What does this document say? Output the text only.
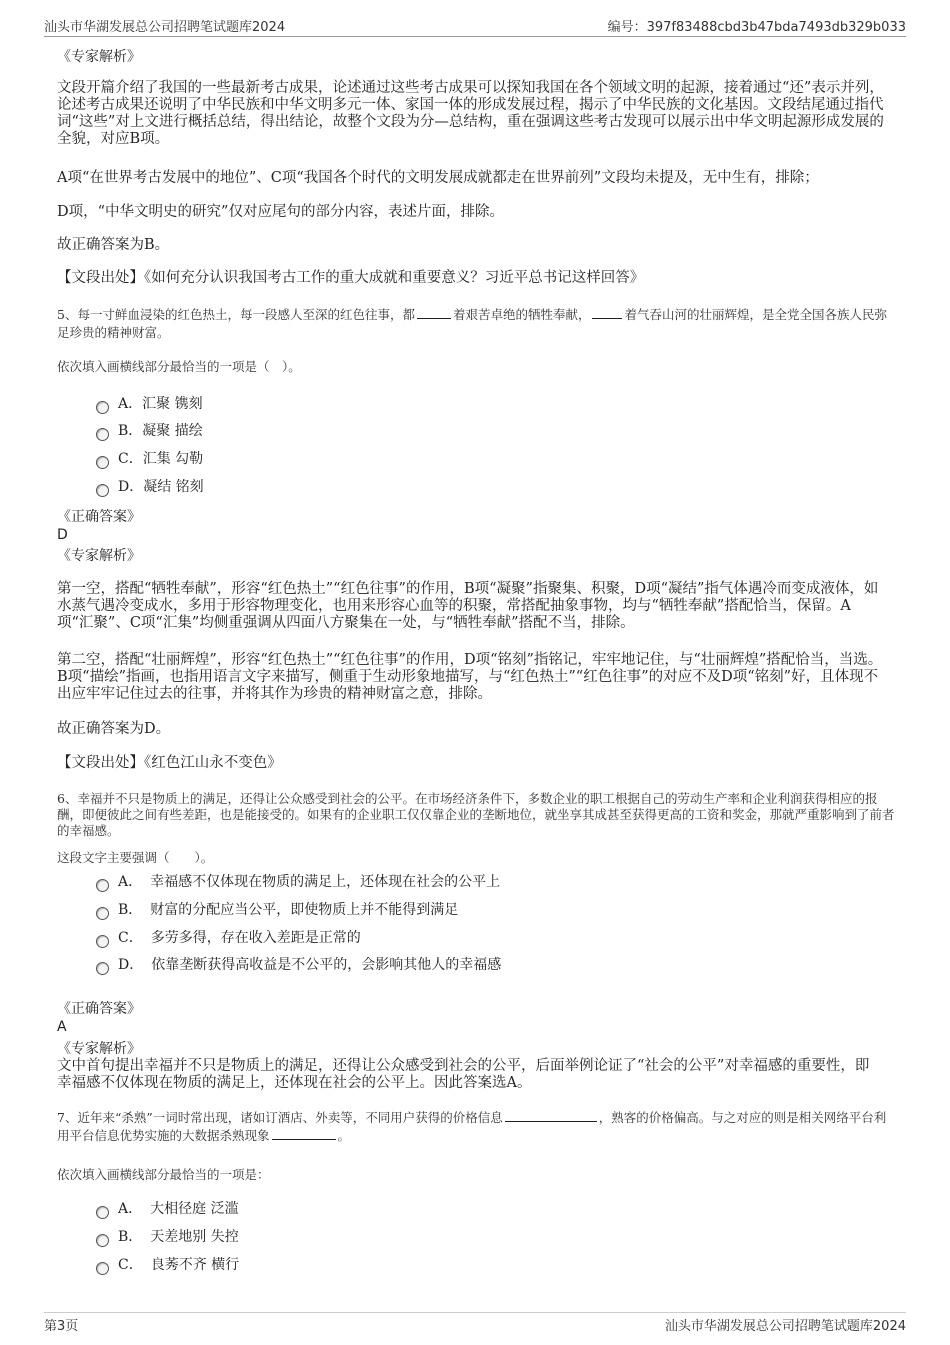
汕头市华湖发展总公司招聘笔试题库2024	编号：397f83488cbd3b47bda7493db329b033
《专家解析》
文段开篇介绍了我国的一些最新考古成果，论述通过这些考古成果可以探知我国在各个领域文明的起源，接着通过“还”表示并列，论述考古成果还说明了中华民族和中华文明多元一体、家国一体的形成发展过程，揭示了中华民族的文化基因。文段结尾通过指代词“这些”对上文进行概括总结，得出结论，故整个文段为分—总结构，重在强调这些考古发现可以展示出中华文明起源形成发展的全貌，对应B项。
A项“在世界考古发展中的地位”、C项“我国各个时代的文明发展成就都走在世界前列”文段均未提及，无中生有，排除；
D项，“中华文明史的研究”仅对应尾句的部分内容，表述片面，排除。
故正确答案为B。
【文段出处】《如何充分认识我国考古工作的重大成就和重要意义？习近平总书记这样回答》
5、每一寸鲜血浸染的红色热土，每一段感人至深的红色往事，都	着艰苦卓绝的牺牲奉献，	着气吞山河的壮丽辉煌，是全党全国各族人民弥足珍贵的精神财富。
依次填入画横线部分最恰当的一项是（　）。
A． 汇聚 镌刻
B． 凝聚 描绘
C． 汇集 勾勒
D． 凝结 铭刻
《正确答案》
D
《专家解析》
第一空，搭配“牺牲奉献”，形容“红色热土”“红色往事”的作用，B项“凝聚”指聚集、积聚，D项“凝结”指气体遇冷而变成液体，如水蒸气遇冷变成水，多用于形容物理变化，也用来形容心血等的积聚，常搭配抽象事物，均与“牺牲奉献”搭配恰当，保留。A项“汇聚”、C项“汇集”均侧重强调从四面八方聚集在一处，与“牺牲奉献”搭配不当，排除。
第二空，搭配“壮丽辉煌”，形容“红色热土”“红色往事”的作用，D项“铭刻”指铭记，牢牢地记住，与“壮丽辉煌”搭配恰当，当选。B项“描绘”指画，也指用语言文字来描写，侧重于生动形象地描写，与“红色热土”“红色往事”的对应不及D项“铭刻”好，且体现不出应牢牢记住过去的往事，并将其作为珍贵的精神财富之意，排除。
故正确答案为D。
【文段出处】《红色江山永不变色》
6、幸福并不只是物质上的满足，还得让公众感受到社会的公平。在市场经济条件下，多数企业的职工根据自己的劳动生产率和企业利润获得相应的报酬，即便彼此之间有些差距，也是能接受的。如果有的企业职工仅仅靠企业的垄断地位，就坐享其成甚至获得更高的工资和奖金，那就严重影响到了前者的幸福感。
这段文字主要强调（　　）。
A． 幸福感不仅体现在物质的满足上，还体现在社会的公平上
B． 财富的分配应当公平，即使物质上并不能得到满足
C． 多劳多得，存在收入差距是正常的
D． 依靠垄断获得高收益是不公平的，会影响其他人的幸福感
《正确答案》
A
《专家解析》
文中首句提出幸福并不只是物质上的满足，还得让公众感受到社会的公平，后面举例论证了“社会的公平”对幸福感的重要性，即幸福感不仅体现在物质的满足上，还体现在社会的公平上。因此答案选A。
7、近年来“杀熟”一词时常出现，诸如订酒店、外卖等，不同用户获得的价格信息	，熟客的价格偏高。与之对应的则是相关网络平台利用平台信息优势实施的大数据杀熟现象	。
依次填入画横线部分最恰当的一项是：
A． 大相径庭 泛滥
B． 天差地别 失控
C． 良莠不齐 横行
第3页	汕头市华湖发展总公司招聘笔试题库2024
